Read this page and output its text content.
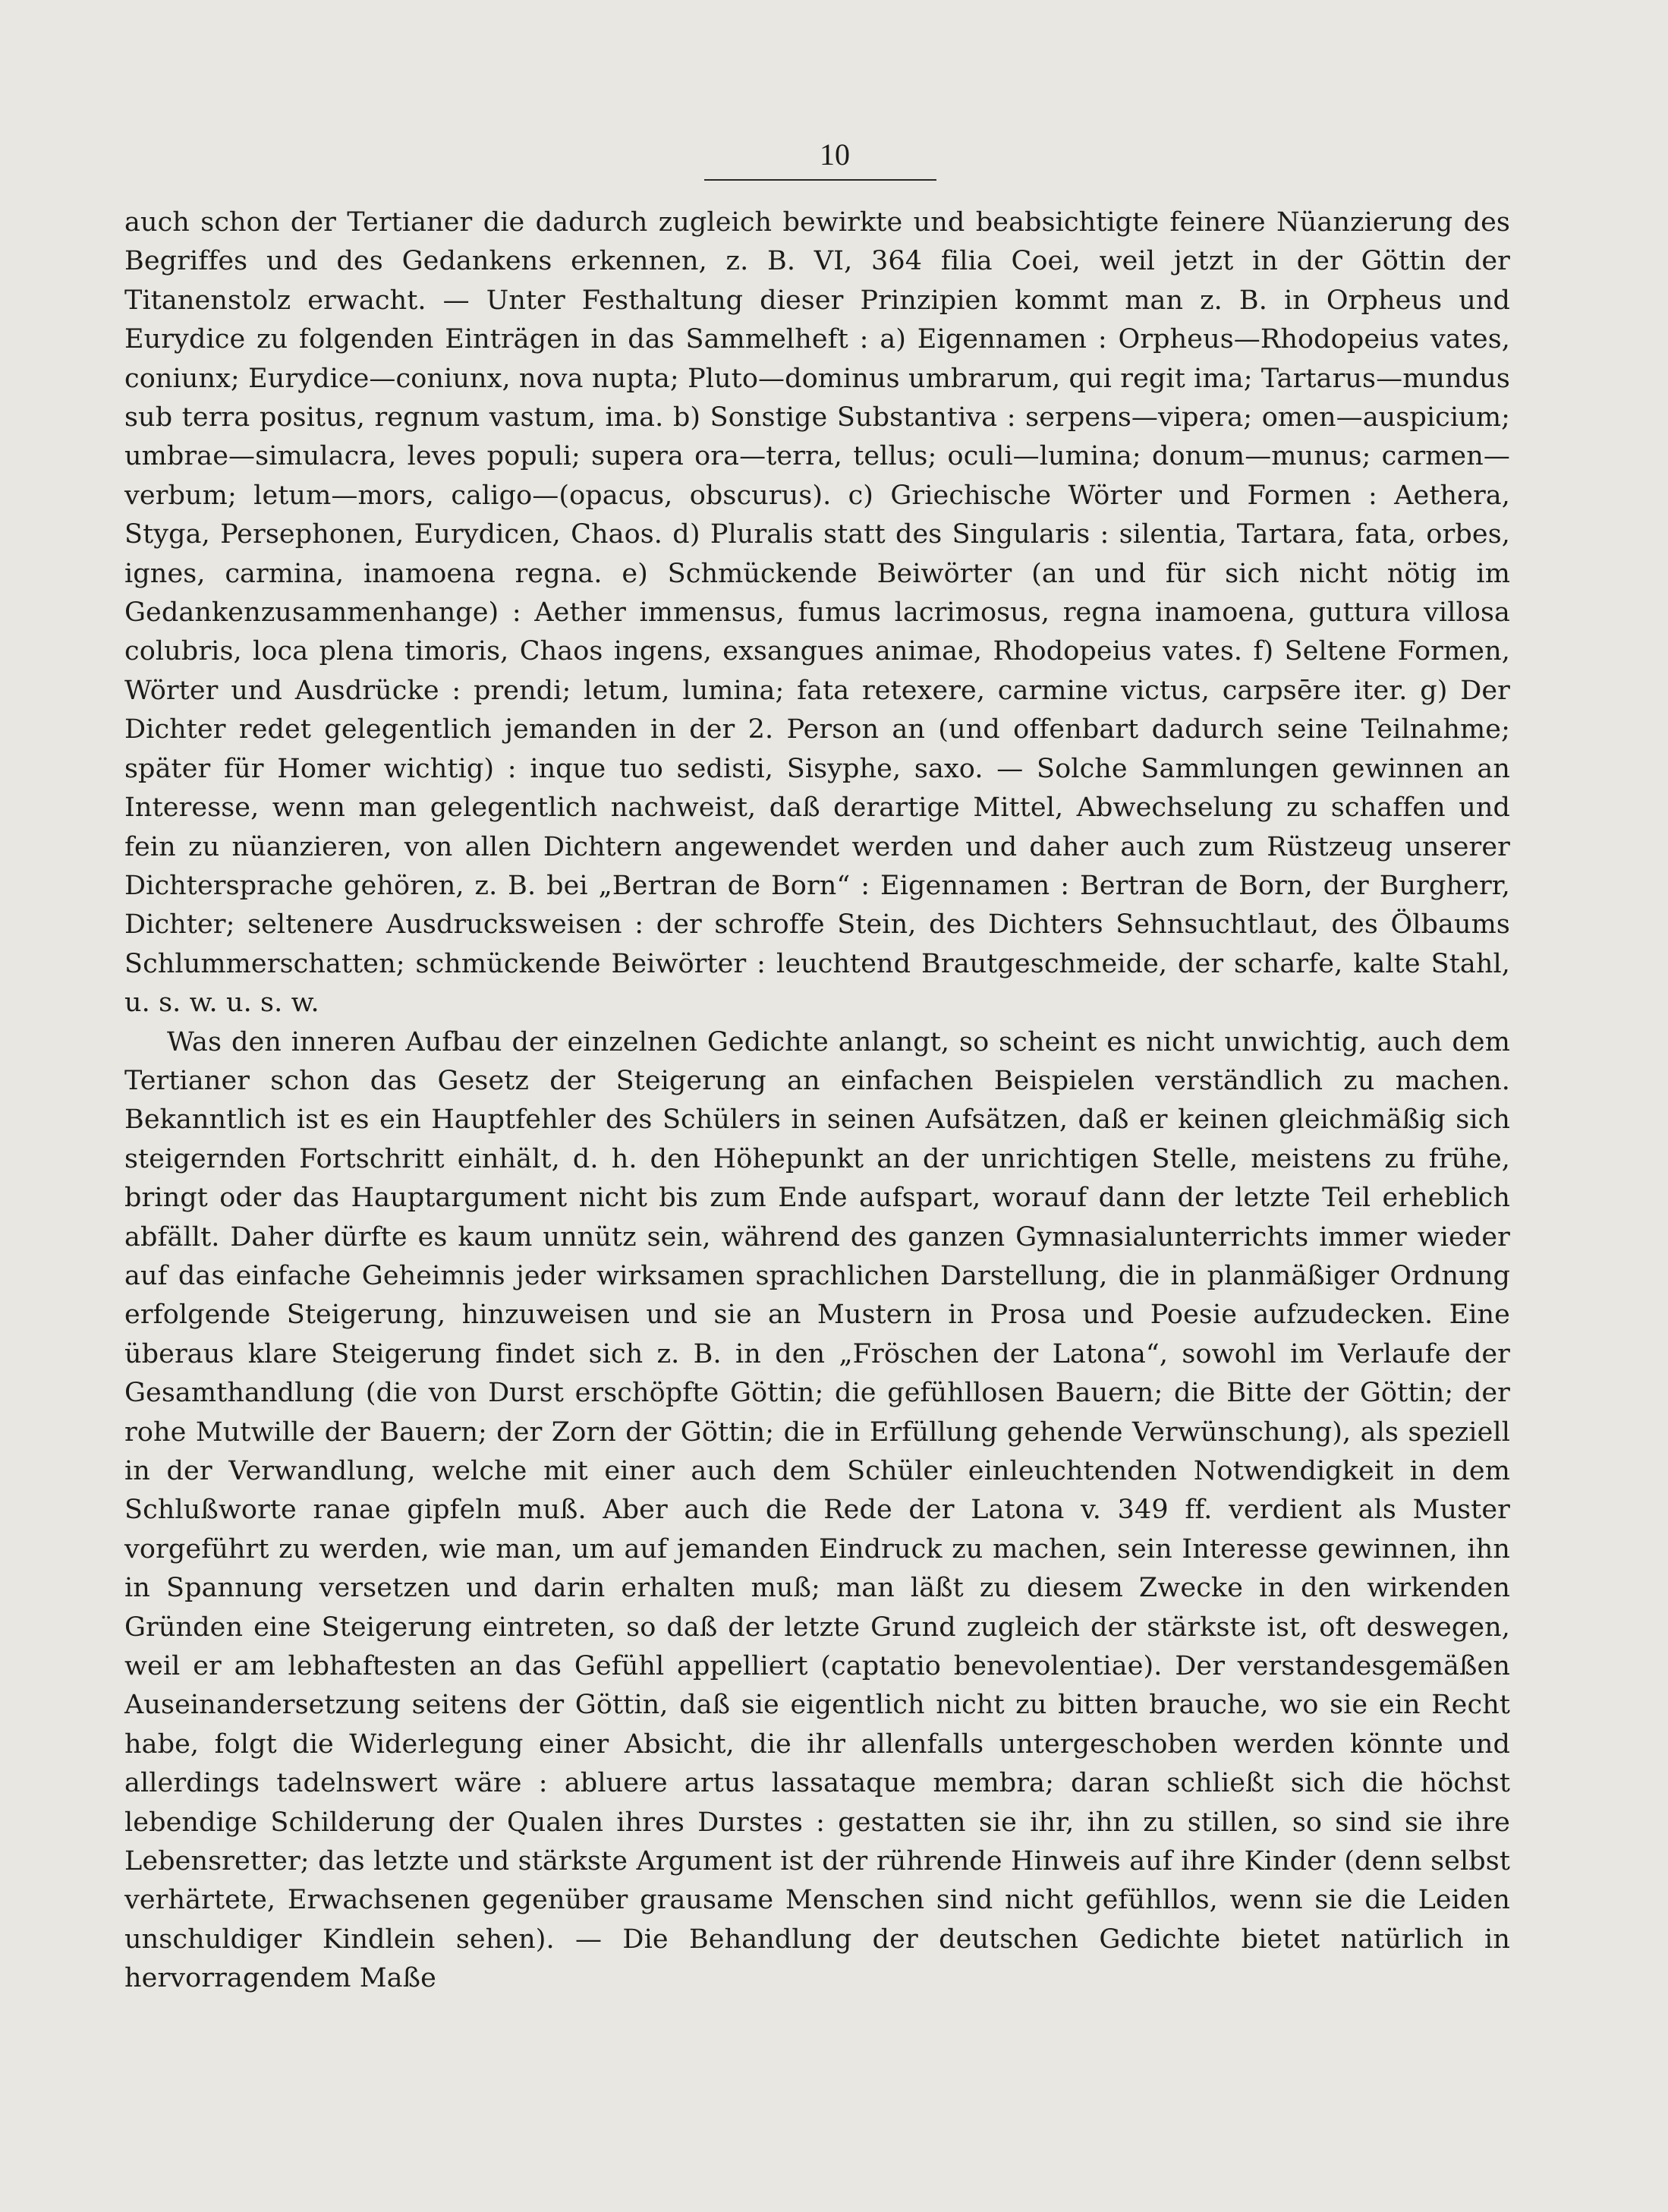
10

auch schon der Tertianer die dadurch zugleich bewirkte und beabsichtigte feinere Nüanzierung des Begriffes und des Gedankens erkennen, z. B. VI, 364 filia Coei, weil jetzt in der Göttin der Titanenstolz erwacht. — Unter Festhaltung dieser Prinzipien kommt man z. B. in Orpheus und Eurydice zu folgenden Einträgen in das Sammelheft : a) Eigennamen : Orpheus—Rhodopeius vates, coniunx; Eurydice—coniunx, nova nupta; Pluto—dominus umbrarum, qui regit ima; Tartarus—mundus sub terra positus, regnum vastum, ima. b) Sonstige Substantiva : serpens—vipera; omen—auspicium; umbrae—simulacra, leves populi; supera ora—terra, tellus; oculi—lumina; donum—munus; carmen—verbum; letum—mors, caligo—(opacus, obscurus). c) Griechische Wörter und Formen : Aethera, Styga, Persephonen, Eurydicen, Chaos. d) Pluralis statt des Singularis : silentia, Tartara, fata, orbes, ignes, carmina, inamoena regna. e) Schmückende Beiwörter (an und für sich nicht nötig im Gedankenzusammenhange) : Aether immensus, fumus lacrimosus, regna inamoena, guttura villosa colubris, loca plena timoris, Chaos ingens, exsangues animae, Rhodopeius vates. f) Seltene Formen, Wörter und Ausdrücke : prendi; letum, lumina; fata retexere, carmine victus, carpsēre iter. g) Der Dichter redet gelegentlich jemanden in der 2. Person an (und offenbart dadurch seine Teilnahme; später für Homer wichtig) : inque tuo sedisti, Sisyphe, saxo. — Solche Sammlungen gewinnen an Interesse, wenn man gelegentlich nachweist, daß derartige Mittel, Abwechselung zu schaffen und fein zu nüanzieren, von allen Dichtern angewendet werden und daher auch zum Rüstzeug unserer Dichtersprache gehören, z. B. bei „Bertran de Born“ : Eigennamen : Bertran de Born, der Burgherr, Dichter; seltenere Ausdrucksweisen : der schroffe Stein, des Dichters Sehnsuchtlaut, des Ölbaums Schlummerschatten; schmückende Beiwörter : leuchtend Brautgeschmeide, der scharfe, kalte Stahl, u. s. w. u. s. w.

Was den inneren Aufbau der einzelnen Gedichte anlangt, so scheint es nicht unwichtig, auch dem Tertianer schon das Gesetz der Steigerung an einfachen Beispielen verständlich zu machen. Bekanntlich ist es ein Hauptfehler des Schülers in seinen Aufsätzen, daß er keinen gleichmäßig sich steigernden Fortschritt einhält, d. h. den Höhepunkt an der unrichtigen Stelle, meistens zu frühe, bringt oder das Hauptargument nicht bis zum Ende aufspart, worauf dann der letzte Teil erheblich abfällt. Daher dürfte es kaum unnütz sein, während des ganzen Gymnasialunterrichts immer wieder auf das einfache Geheimnis jeder wirksamen sprachlichen Darstellung, die in planmäßiger Ordnung erfolgende Steigerung, hinzuweisen und sie an Mustern in Prosa und Poesie aufzudecken. Eine überaus klare Steigerung findet sich z. B. in den „Fröschen der Latona“, sowohl im Verlaufe der Gesamthandlung (die von Durst erschöpfte Göttin; die gefühllosen Bauern; die Bitte der Göttin; der rohe Mutwille der Bauern; der Zorn der Göttin; die in Erfüllung gehende Verwünschung), als speziell in der Verwandlung, welche mit einer auch dem Schüler einleuchtenden Notwendigkeit in dem Schlußworte ranae gipfeln muß. Aber auch die Rede der Latona v. 349 ff. verdient als Muster vorgeführt zu werden, wie man, um auf jemanden Eindruck zu machen, sein Interesse gewinnen, ihn in Spannung versetzen und darin erhalten muß; man läßt zu diesem Zwecke in den wirkenden Gründen eine Steigerung eintreten, so daß der letzte Grund zugleich der stärkste ist, oft deswegen, weil er am lebhaftesten an das Gefühl appelliert (captatio benevolentiae). Der verstandesgemäßen Auseinandersetzung seitens der Göttin, daß sie eigentlich nicht zu bitten brauche, wo sie ein Recht habe, folgt die Widerlegung einer Absicht, die ihr allenfalls untergeschoben werden könnte und allerdings tadelnswert wäre : abluere artus lassataque membra; daran schließt sich die höchst lebendige Schilderung der Qualen ihres Durstes : gestatten sie ihr, ihn zu stillen, so sind sie ihre Lebensretter; das letzte und stärkste Argument ist der rührende Hinweis auf ihre Kinder (denn selbst verhärtete, Erwachsenen gegenüber grausame Menschen sind nicht gefühllos, wenn sie die Leiden unschuldiger Kindlein sehen). — Die Behandlung der deutschen Gedichte bietet natürlich in hervorragendem Maße
